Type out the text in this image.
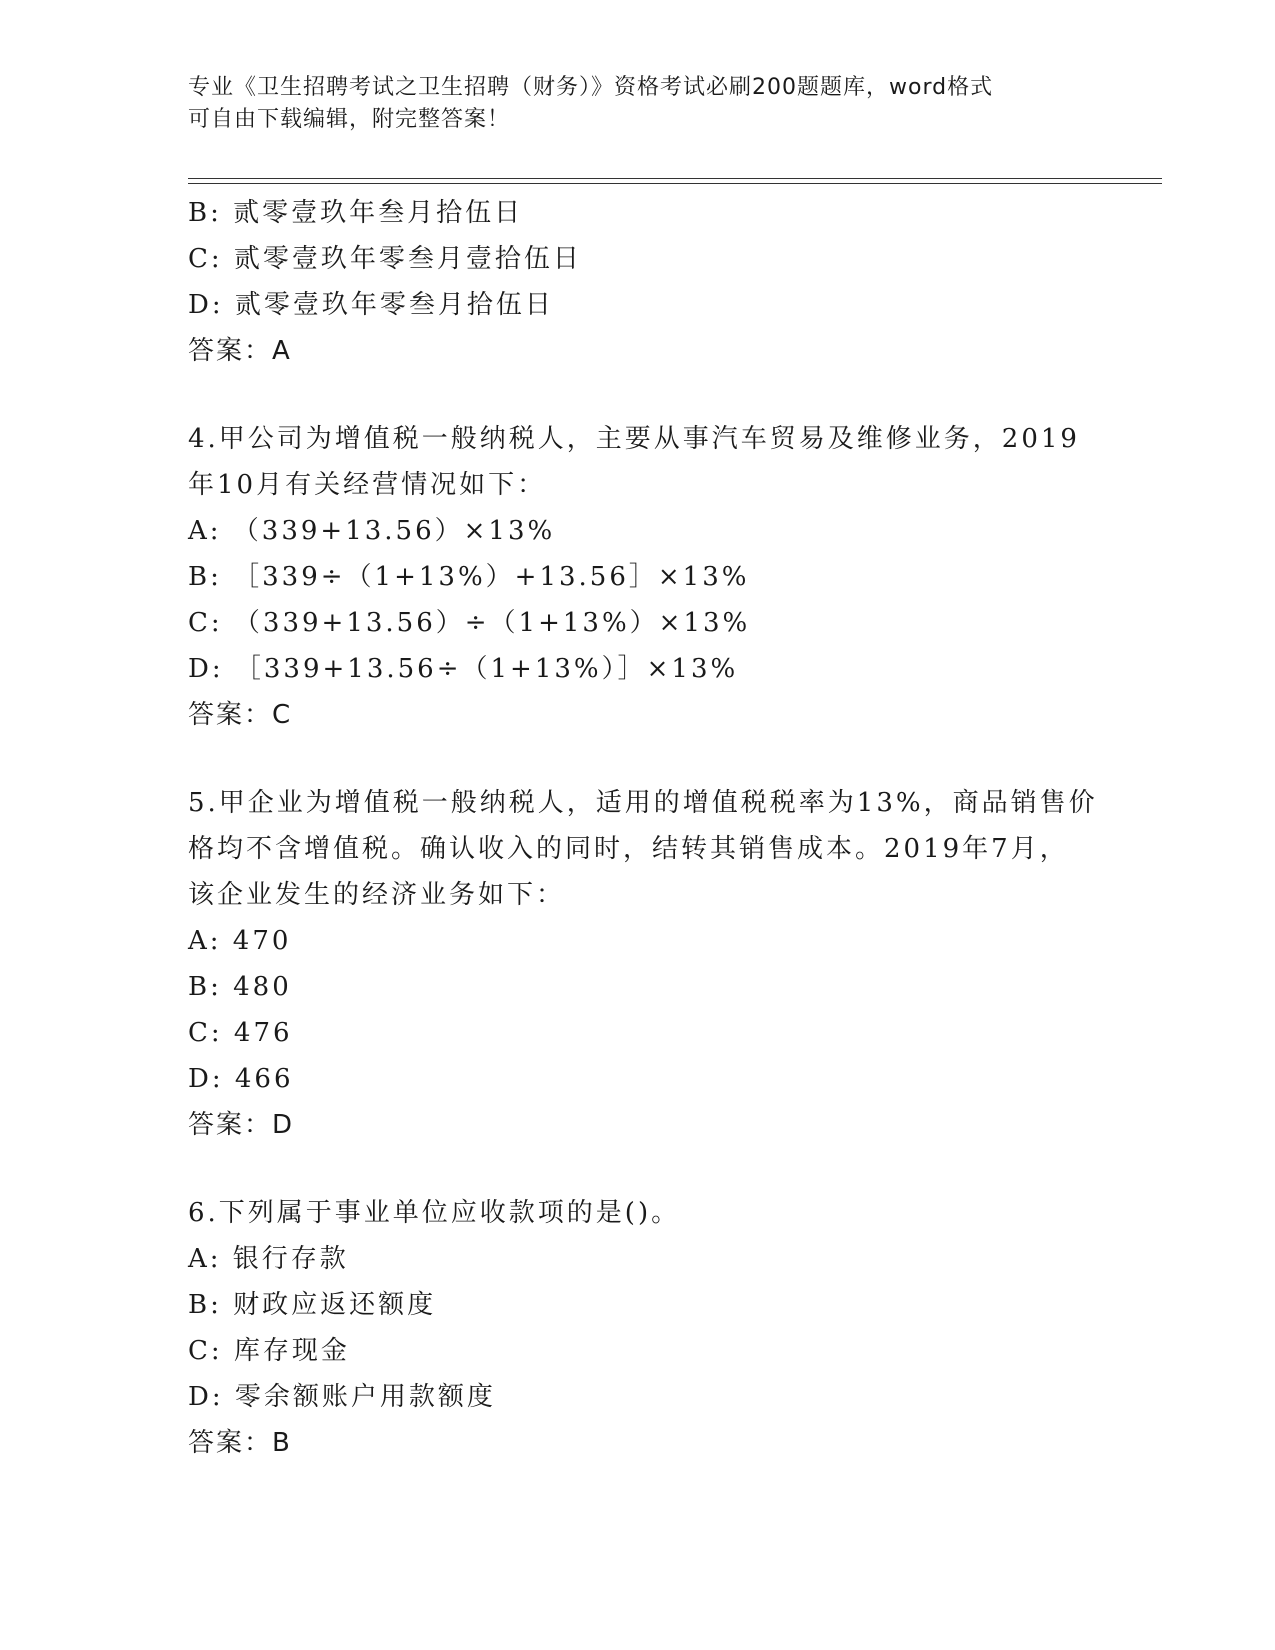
专业《卫生招聘考试之卫生招聘（财务）》资格考试必刷200题题库，word格式
可自由下载编辑，附完整答案！
B: 贰零壹玖年叁月拾伍日
C: 贰零壹玖年零叁月壹拾伍日
D: 贰零壹玖年零叁月拾伍日
答案：A
4.甲公司为增值税一般纳税人，主要从事汽车贸易及维修业务，2019
年10月有关经营情况如下：
A: （339+13.56）×13%
B: ［339÷（1+13%）+13.56］×13%
C: （339+13.56）÷（1+13%）×13%
D: ［339+13.56÷（1+13%）］×13%
答案：C
5.甲企业为增值税一般纳税人，适用的增值税税率为13%，商品销售价
格均不含增值税。确认收入的同时，结转其销售成本。2019年7月，
该企业发生的经济业务如下：
A: 470
B: 480
C: 476
D: 466
答案：D
6.下列属于事业单位应收款项的是()。
A: 银行存款
B: 财政应返还额度
C: 库存现金
D: 零余额账户用款额度
答案：B
